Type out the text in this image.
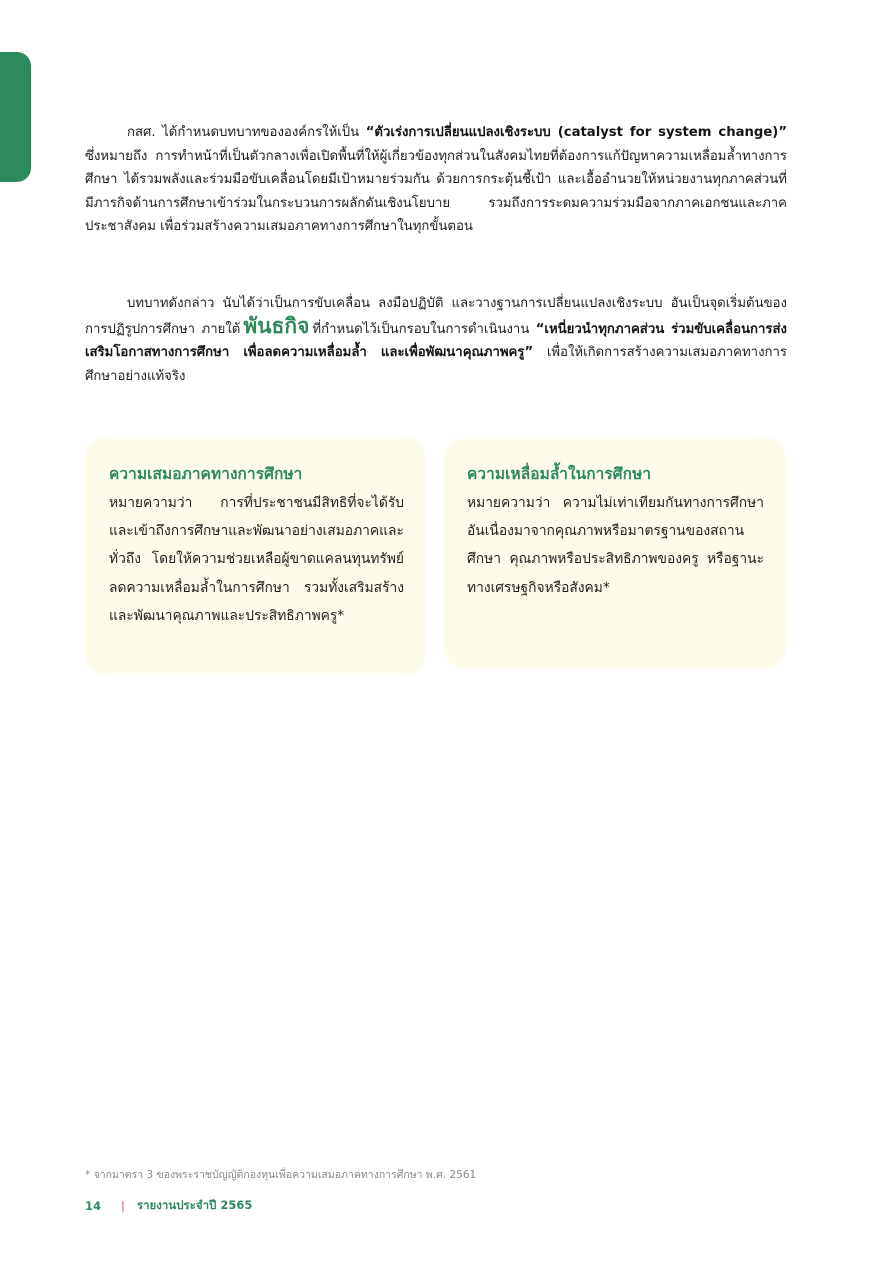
กสศ. ได้กำหนดบทบาทขององค์กรให้เป็น “ตัวเร่งการเปลี่ยนแปลงเชิงระบบ (catalyst for system change)” ซึ่งหมายถึง การทำหน้าที่เป็นตัวกลางเพื่อเปิดพื้นที่ให้ผู้เกี่ยวข้องทุกส่วนในสังคมไทยที่ต้องการแก้ปัญหาความเหลื่อมล้ำทางการศึกษา ได้รวมพลังและร่วมมือขับเคลื่อนโดยมีเป้าหมายร่วมกัน ด้วยการกระตุ้นชี้เป้า และเอื้ออำนวยให้หน่วยงานทุกภาคส่วนที่มีภารกิจด้านการศึกษาเข้าร่วมในกระบวนการผลักดันเชิงนโยบาย รวมถึงการระดมความร่วมมือจากภาคเอกชนและภาคประชาสังคม เพื่อร่วมสร้างความเสมอภาคทางการศึกษาในทุกขั้นตอน

บทบาทดังกล่าว นับได้ว่าเป็นการขับเคลื่อน ลงมือปฏิบัติ และวางฐานการเปลี่ยนแปลงเชิงระบบ อันเป็นจุดเริ่มต้นของการปฏิรูปการศึกษา ภายใต้ พันธกิจ ที่กำหนดไว้เป็นกรอบในการดำเนินงาน “เหนี่ยวนำทุกภาคส่วน ร่วมขับเคลื่อนการส่งเสริมโอกาสทางการศึกษา เพื่อลดความเหลื่อมล้ำ และเพื่อพัฒนาคุณภาพครู” เพื่อให้เกิดการสร้างความเสมอภาคทางการศึกษาอย่างแท้จริง

ความเสมอภาคทางการศึกษา

หมายความว่า การที่ประชาชนมีสิทธิที่จะได้รับและเข้าถึงการศึกษาและพัฒนาอย่างเสมอภาคและทั่วถึง โดยให้ความช่วยเหลือผู้ขาดแคลนทุนทรัพย์ ลดความเหลื่อมล้ำในการศึกษา รวมทั้งเสริมสร้างและพัฒนาคุณภาพและประสิทธิภาพครู*

ความเหลื่อมล้ำในการศึกษา

หมายความว่า ความไม่เท่าเทียมกันทางการศึกษาอันเนื่องมาจากคุณภาพหรือมาตรฐานของสถานศึกษา คุณภาพหรือประสิทธิภาพของครู หรือฐานะทางเศรษฐกิจหรือสังคม*

* จากมาตรา 3 ของพระราชบัญญัติกองทุนเพื่อความเสมอภาคทางการศึกษา พ.ศ. 2561

14 | รายงานประจำปี 2565
